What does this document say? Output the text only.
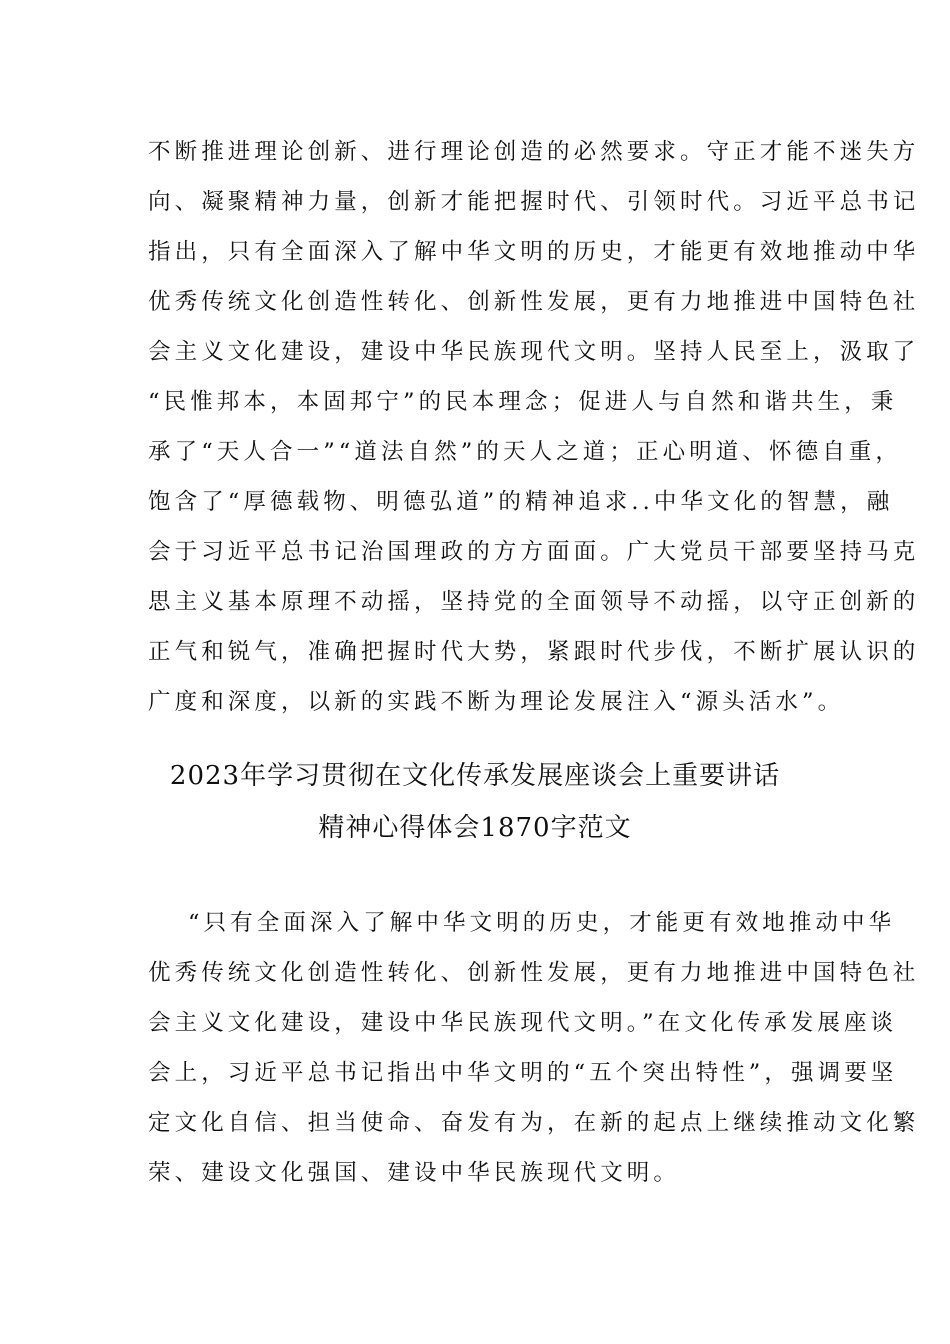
不断推进理论创新、进行理论创造的必然要求。守正才能不迷失方
向、凝聚精神力量，创新才能把握时代、引领时代。习近平总书记
指出，只有全面深入了解中华文明的历史，才能更有效地推动中华
优秀传统文化创造性转化、创新性发展，更有力地推进中国特色社
会主义文化建设，建设中华民族现代文明。坚持人民至上，汲取了
“民惟邦本，本固邦宁”的民本理念；促进人与自然和谐共生，秉
承了“天人合一”“道法自然”的天人之道；正心明道、怀德自重，
饱含了“厚德载物、明德弘道”的精神追求..中华文化的智慧，融
会于习近平总书记治国理政的方方面面。广大党员干部要坚持马克
思主义基本原理不动摇，坚持党的全面领导不动摇，以守正创新的
正气和锐气，准确把握时代大势，紧跟时代步伐，不断扩展认识的
广度和深度，以新的实践不断为理论发展注入“源头活水”。
2023年学习贯彻在文化传承发展座谈会上重要讲话
精神心得体会1870字范文
“只有全面深入了解中华文明的历史，才能更有效地推动中华
优秀传统文化创造性转化、创新性发展，更有力地推进中国特色社
会主义文化建设，建设中华民族现代文明。”在文化传承发展座谈
会上，习近平总书记指出中华文明的“五个突出特性”，强调要坚
定文化自信、担当使命、奋发有为，在新的起点上继续推动文化繁
荣、建设文化强国、建设中华民族现代文明。
